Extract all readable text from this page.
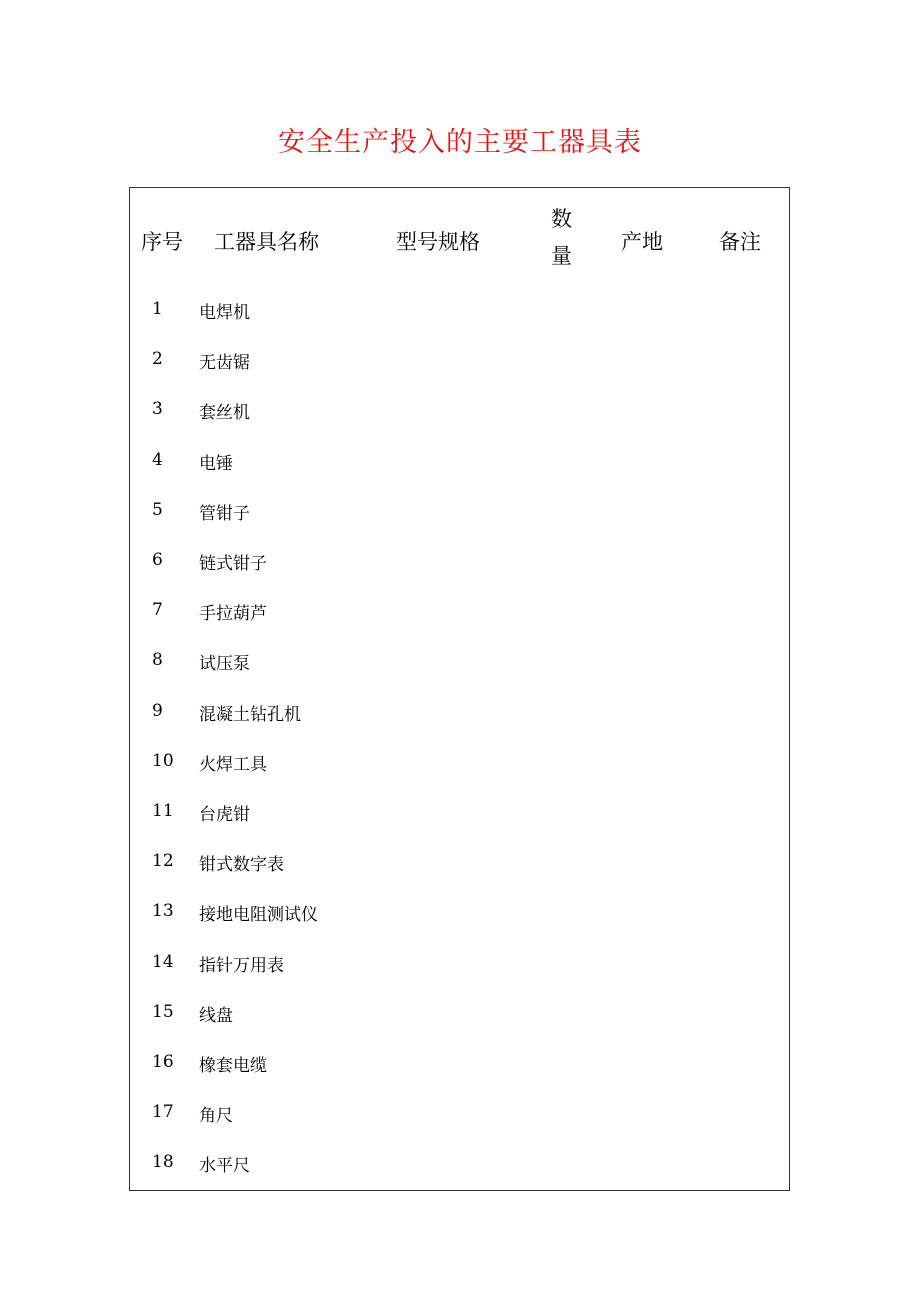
安全生产投入的主要工器具表
序号 工器具名称	型号规格
数量
产地	备注
1 电焊机
2 无齿锯
3 套丝机
4 电锤
5 管钳子
6 链式钳子
7 手拉葫芦
8 试压泵
9 混凝土钻孔机
10 火焊工具
11 台虎钳
12 钳式数字表
13 接地电阻测试仪
14 指针万用表
15 线盘
16 橡套电缆
17 角尺
18 水平尺
